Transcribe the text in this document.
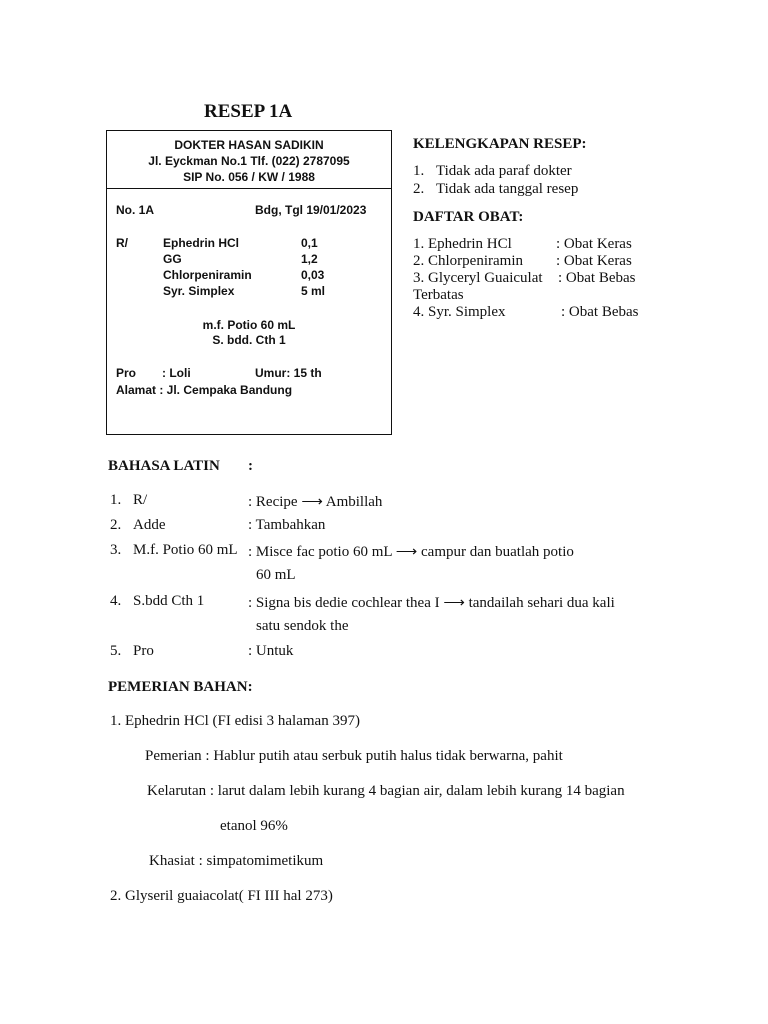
RESEP 1A
DOKTER HASAN SADIKIN
Jl. Eyckman No.1 Tlf. (022) 2787095
SIP No. 056 / KW / 1988
No. 1A	Bdg, Tgl 19/01/2023
R/	Ephedrin HCl	0,1
GG	1,2
Chlorpeniramin	0,03
Syr. Simplex	5 ml
m.f. Potio 60 mL
S. bdd. Cth 1
Pro : Loli	Umur: 15 th
Alamat : Jl. Cempaka Bandung
KELENGKAPAN RESEP:
1. Tidak ada paraf dokter
2. Tidak ada tanggal resep
DAFTAR OBAT:
1. Ephedrin HCl	: Obat Keras
2. Chlorpeniramin : Obat Keras
3. Glyceryl Guaiculat : Obat Bebas
Terbatas
4. Syr. Simplex	: Obat Bebas
BAHASA LATIN :
1. R/	: Recipe ⟶ Ambillah
2. Adde	: Tambahkan
3. M.f. Potio 60 mL : Misce fac potio 60 mL ⟶ campur dan buatlah potio
60 mL
4. S.bdd Cth 1	: Signa bis dedie cochlear thea I ⟶ tandailah sehari dua kali
satu sendok the
5. Pro	: Untuk
PEMERIAN BAHAN:
1. Ephedrin HCl (FI edisi 3 halaman 397)
Pemerian : Hablur putih atau serbuk putih halus tidak berwarna, pahit
Kelarutan : larut dalam lebih kurang 4 bagian air, dalam lebih kurang 14 bagian
etanol 96%
Khasiat : simpatomimetikum
2. Glyseril guaiacolat( FI III hal 273)
